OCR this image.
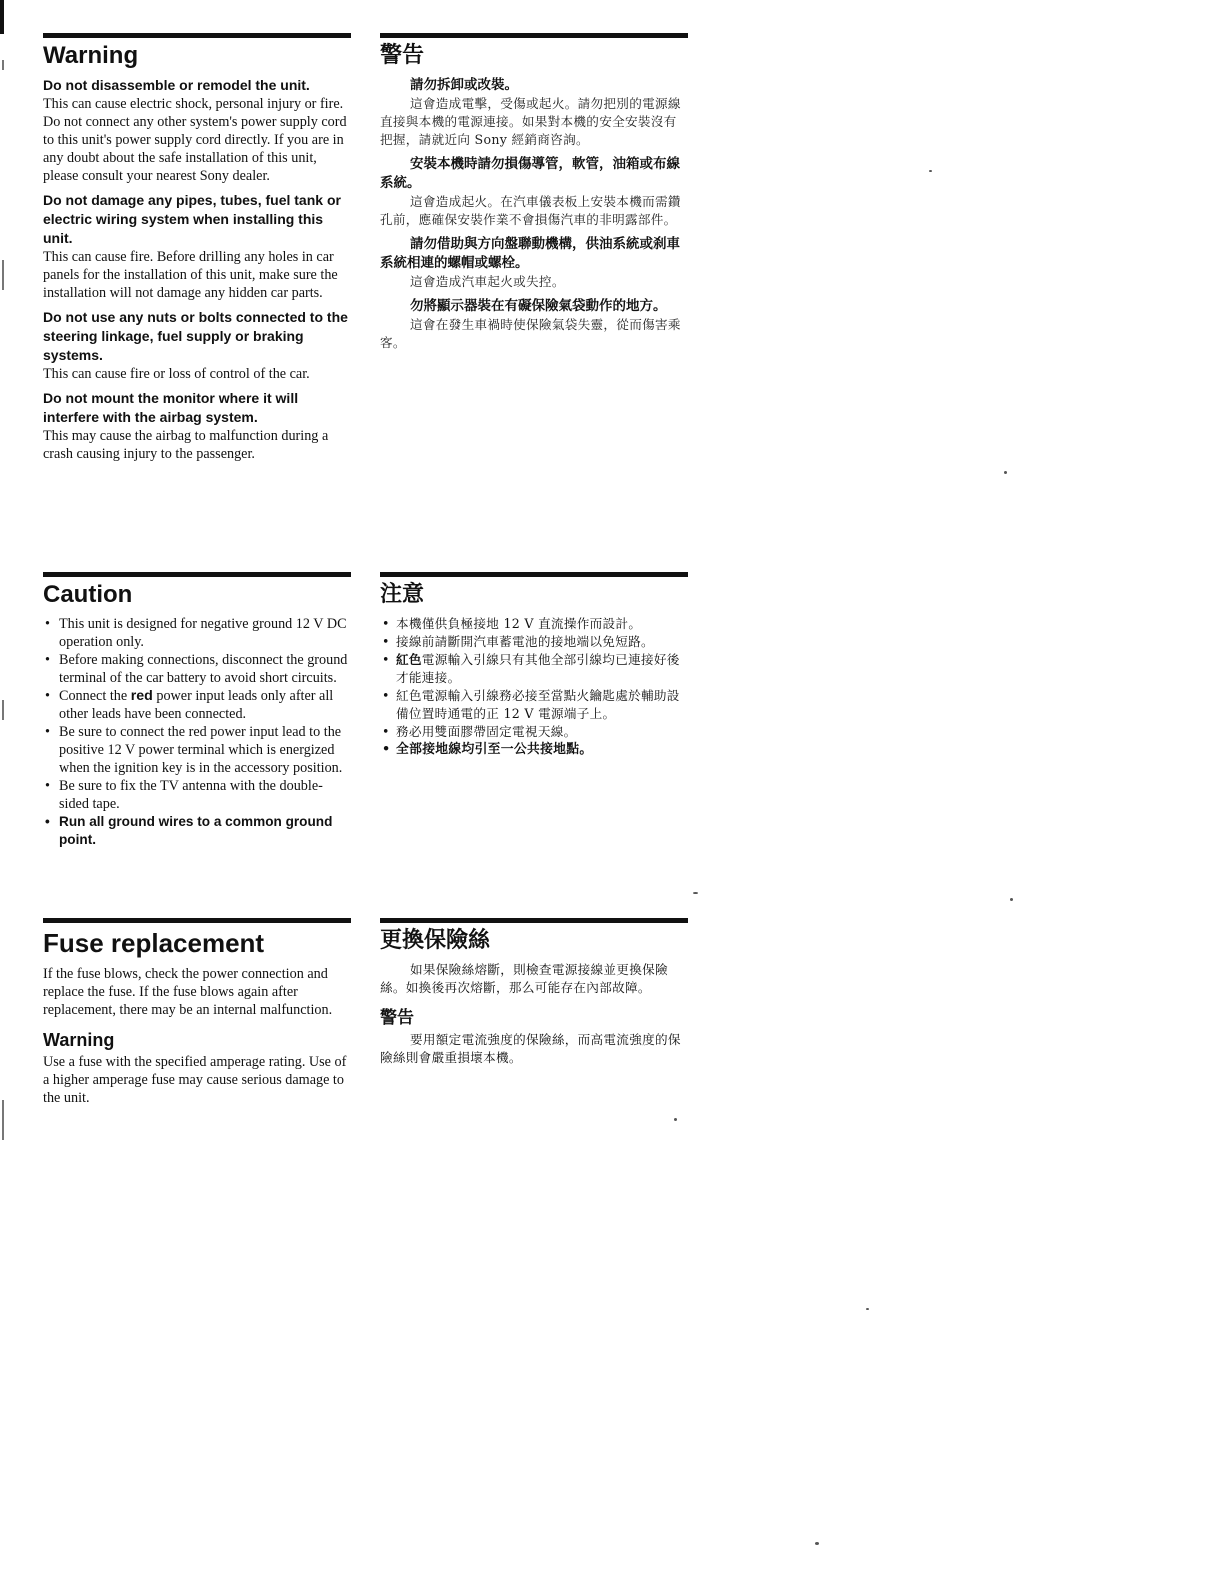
Warning

Do not disassemble or remodel the unit.

This can cause electric shock, personal injury or fire. Do not connect any other system's power supply cord to this unit's power supply cord directly. If you are in any doubt about the safe installation of this unit, please consult your nearest Sony dealer.

Do not damage any pipes, tubes, fuel tank or electric wiring system when installing this unit.

This can cause fire. Before drilling any holes in car panels for the installation of this unit, make sure the installation will not damage any hidden car parts.

Do not use any nuts or bolts connected to the steering linkage, fuel supply or braking systems.

This can cause fire or loss of control of the car.

Do not mount the monitor where it will interfere with the airbag system.

This may cause the airbag to malfunction during a crash causing injury to the passenger.

警告

請勿拆卸或改裝。

這會造成電擊，受傷或起火。請勿把別的電源線直接與本機的電源連接。如果對本機的安全安裝沒有把握，請就近向 Sony 經銷商咨詢。

安裝本機時請勿損傷導管，軟管，油箱或布線系統。

這會造成起火。在汽車儀表板上安裝本機而需鑽孔前，應確保安裝作業不會損傷汽車的非明露部件。

請勿借助與方向盤聯動機構，供油系統或刹車系統相連的螺帽或螺栓。

這會造成汽車起火或失控。

勿將顯示器裝在有礙保險氣袋動作的地方。

這會在發生車禍時使保險氣袋失靈，從而傷害乘客。

Caution
• This unit is designed for negative ground 12 V DC operation only.
• Before making connections, disconnect the ground terminal of the car battery to avoid short circuits.
• Connect the red power input leads only after all other leads have been connected.
• Be sure to connect the red power input lead to the positive 12 V power terminal which is energized when the ignition key is in the accessory position.
• Be sure to fix the TV antenna with the double-sided tape.
• Run all ground wires to a common ground point.
注意
• 本機僅供負極接地 12 V 直流操作而設計。
• 接線前請斷開汽車蓄電池的接地端以免短路。
• 紅色電源輸入引線只有其他全部引線均已連接好後才能連接。
• 紅色電源輸入引線務必接至當點火鑰匙處於輔助設備位置時通電的正 12 V 電源端子上。
• 務必用雙面膠帶固定電視天線。
• 全部接地線均引至一公共接地點。
Fuse replacement

If the fuse blows, check the power connection and replace the fuse. If the fuse blows again after replacement, there may be an internal malfunction.

Warning

Use a fuse with the specified amperage rating. Use of a higher amperage fuse may cause serious damage to the unit.

更換保險絲

如果保險絲熔斷，則檢查電源接線並更換保險絲。如換後再次熔斷，那么可能存在內部故障。

警告

要用額定電流強度的保險絲，而高電流強度的保險絲則會嚴重損壞本機。
